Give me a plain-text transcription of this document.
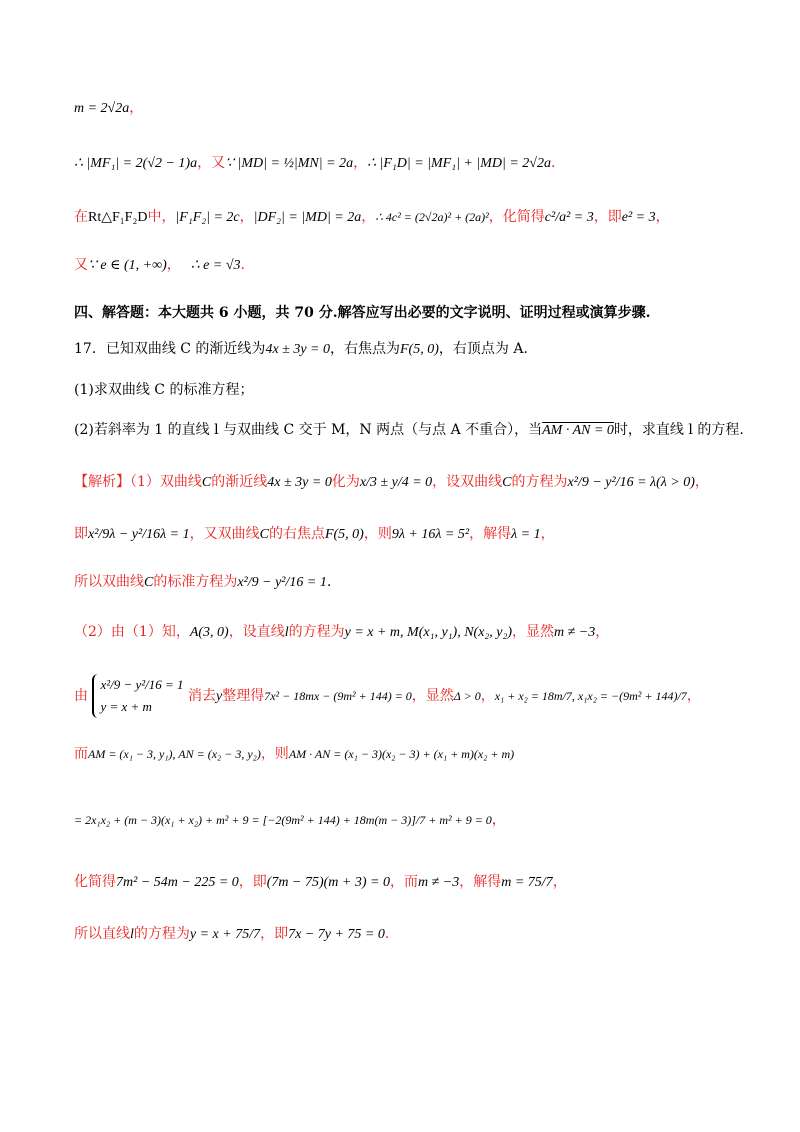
m = 2√2a，
∴ |MF₁| = 2(√2 − 1)a，又∵ |MD| = ½|MN| = 2a，∴ |F₁D| = |MF₁| + |MD| = 2√2a.
在Rt△F₁F₂D中，|F₁F₂| = 2c，|DF₂| = |MD| = 2a，∴ 4c² = (2√2a)² + (2a)²，化简得c²/a² = 3，即e² = 3，
又∵ e ∈ (1, +∞)， ∴ e = √3.
四、解答题：本大题共 6 小题，共 70 分.解答应写出必要的文字说明、证明过程或演算步骤.
17．已知双曲线 C 的渐近线为4x ± 3y = 0，右焦点为F(5, 0)，右顶点为 A.
(1)求双曲线 C 的标准方程；
(2)若斜率为 1 的直线 l 与双曲线 C 交于 M，N 两点（与点 A 不重合），当AM · AN = 0时，求直线 l 的方程.
【解析】（1）双曲线C的渐近线4x ± 3y = 0化为x/3 ± y/4 = 0，设双曲线C的方程为x²/9 − y²/16 = λ(λ > 0)，
即x²/9λ − y²/16λ = 1，又双曲线C的右焦点F(5, 0)，则9λ + 16λ = 5²，解得λ = 1，
所以双曲线C的标准方程为x²/9 − y²/16 = 1.
（2）由（1）知，A(3, 0)，设直线l的方程为y = x + m, M(x₁, y₁), N(x₂, y₂)，显然m ≠ −3，
由
x²/9 − y²/16 = 1
y = x + m
消去y整理得7x² − 18mx − (9m² + 144) = 0，显然Δ > 0，x₁ + x₂ = 18m/7, x₁x₂ = −(9m² + 144)/7，
而AM = (x₁ − 3, y₁), AN = (x₂ − 3, y₂)，则AM · AN = (x₁ − 3)(x₂ − 3) + (x₁ + m)(x₂ + m)
= 2x₁x₂ + (m − 3)(x₁ + x₂) + m² + 9 = [−2(9m² + 144) + 18m(m − 3)]/7 + m² + 9 = 0，
化简得7m² − 54m − 225 = 0，即(7m − 75)(m + 3) = 0，而m ≠ −3，解得m = 75/7，
所以直线l的方程为y = x + 75/7，即7x − 7y + 75 = 0.
